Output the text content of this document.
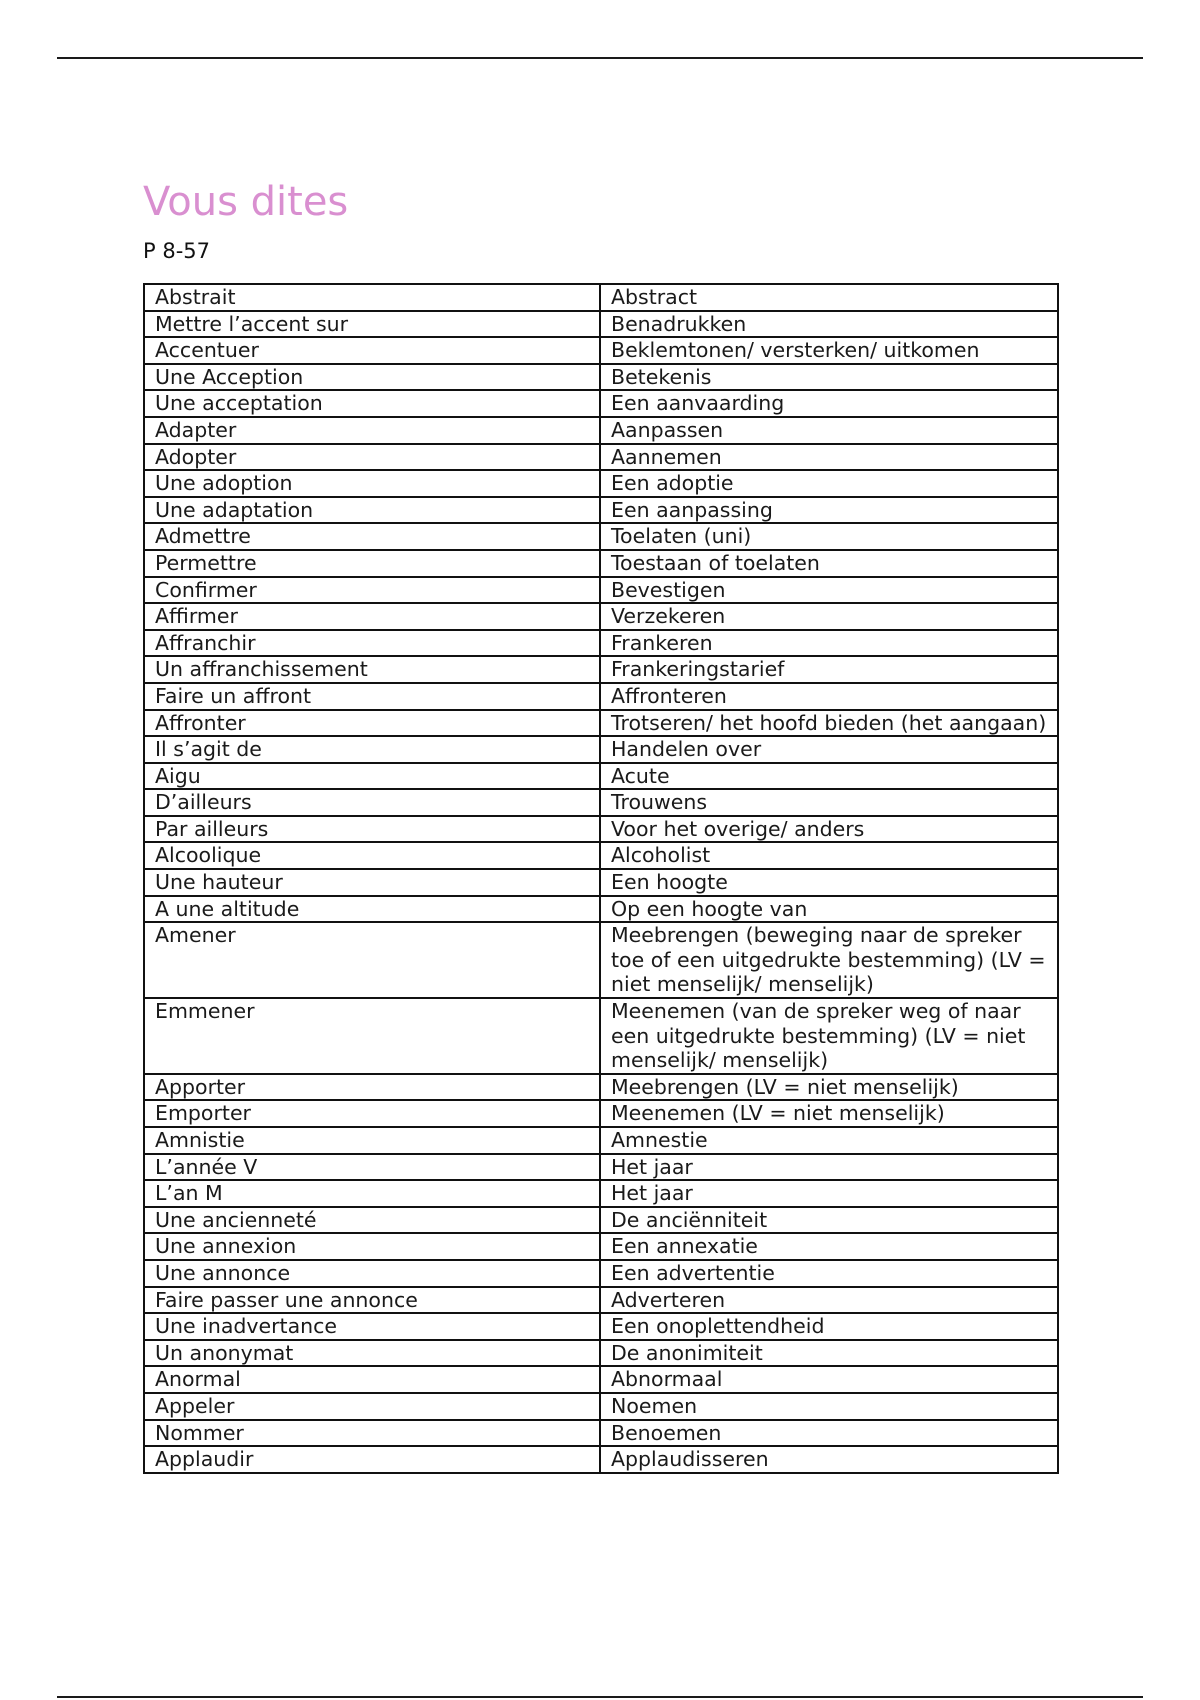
Vous dites
P 8-57
Abstrait	Abstract
Mettre l’accent sur	Benadrukken
Accentuer	Beklemtonen/ versterken/ uitkomen
Une Acception	Betekenis
Une acceptation	Een aanvaarding
Adapter	Aanpassen
Adopter	Aannemen
Une adoption	Een adoptie
Une adaptation	Een aanpassing
Admettre	Toelaten (uni)
Permettre	Toestaan of toelaten
Confirmer	Bevestigen
Affirmer	Verzekeren
Affranchir	Frankeren
Un affranchissement	Frankeringstarief
Faire un affront	Affronteren
Affronter	Trotseren/ het hoofd bieden (het aangaan)
Il s’agit de	Handelen over
Aigu	Acute
D’ailleurs	Trouwens
Par ailleurs	Voor het overige/ anders
Alcoolique	Alcoholist
Une hauteur	Een hoogte
A une altitude	Op een hoogte van
Amener	Meebrengen (beweging naar de spreker toe of een uitgedrukte bestemming) (LV = niet menselijk/ menselijk)
Emmener	Meenemen (van de spreker weg of naar een uitgedrukte bestemming) (LV = niet menselijk/ menselijk)
Apporter	Meebrengen (LV = niet menselijk)
Emporter	Meenemen (LV = niet menselijk)
Amnistie	Amnestie
L’année V	Het jaar
L’an M	Het jaar
Une ancienneté	De anciënniteit
Une annexion	Een annexatie
Une annonce	Een advertentie
Faire passer une annonce	Adverteren
Une inadvertance	Een onoplettendheid
Un anonymat	De anonimiteit
Anormal	Abnormaal
Appeler	Noemen
Nommer	Benoemen
Applaudir	Applaudisseren
